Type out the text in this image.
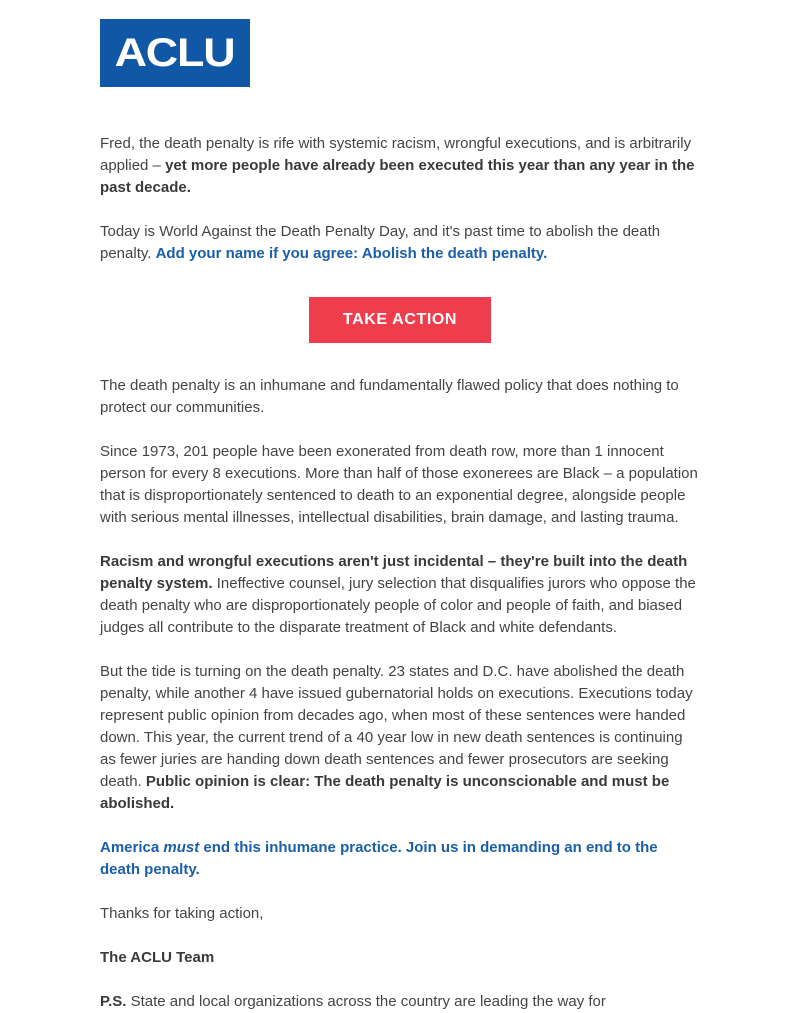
ACLU

Fred, the death penalty is rife with systemic racism, wrongful executions, and is arbitrarily applied – yet more people have already been executed this year than any year in the past decade.

Today is World Against the Death Penalty Day, and it's past time to abolish the death penalty. Add your name if you agree: Abolish the death penalty.

TAKE ACTION

The death penalty is an inhumane and fundamentally flawed policy that does nothing to protect our communities.

Since 1973, 201 people have been exonerated from death row, more than 1 innocent person for every 8 executions. More than half of those exonerees are Black – a population that is disproportionately sentenced to death to an exponential degree, alongside people with serious mental illnesses, intellectual disabilities, brain damage, and lasting trauma.

Racism and wrongful executions aren't just incidental – they're built into the death penalty system. Ineffective counsel, jury selection that disqualifies jurors who oppose the death penalty who are disproportionately people of color and people of faith, and biased judges all contribute to the disparate treatment of Black and white defendants.

But the tide is turning on the death penalty. 23 states and D.C. have abolished the death penalty, while another 4 have issued gubernatorial holds on executions. Executions today represent public opinion from decades ago, when most of these sentences were handed down. This year, the current trend of a 40 year low in new death sentences is continuing as fewer juries are handing down death sentences and fewer prosecutors are seeking death. Public opinion is clear: The death penalty is unconscionable and must be abolished.

America must end this inhumane practice. Join us in demanding an end to the death penalty.

Thanks for taking action,

The ACLU Team

P.S. State and local organizations across the country are leading the way for
